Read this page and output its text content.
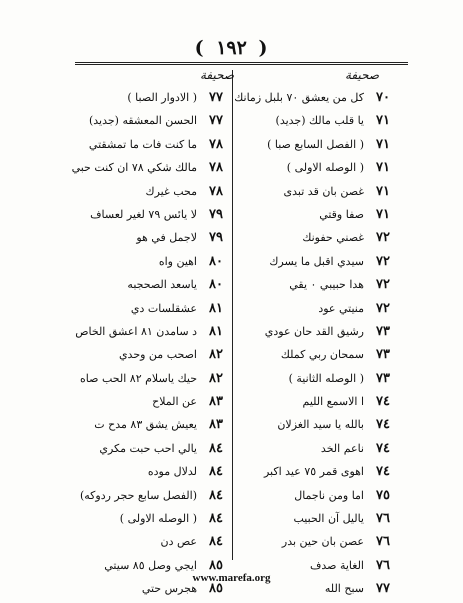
( ١٩٢ )
صحيفة
صحيفة
٧٠
كل من يعشق ٧٠ بلبل زمانك
٧١
يا قلب مالك (جديد)
٧١
( الفصل السابع صبا )
٧١
( الوصله الاولى )
٧١
غصن بان قد تبدى
٧١
صفا وقتي
٧٢
غصني حفونك
٧٢
سيدي اقبل ما يسرك
٧٢
هدا حبيبي ٠ يقي
٧٢
منيتي عود
٧٣
رشيق القد حان عودي
٧٣
سمحان ربي كملك
٧٣
( الوصله الثانية )
٧٤
ا الاسمع الليم
٧٤
بالله يا سيد الغزلان
٧٤
ناعم الخد
٧٤
اهوى قمر ٧٥ عيد اكبر
٧٥
اما ومن ناجمال
٧٦
ياليل آن الحبيب
٧٦
عصن بان حين بدر
٧٦
الغاية صدف
٧٧
سبح الله
٧٧
( الادوار الصبا )
٧٧
الحسن المعشقه (جديد)
٧٨
ما كنت فات ما تمشقتي
٧٨
مالك شكي ٧٨ ان كنت حبي
٧٨
محب غيرك
٧٩
لا يائس ٧٩ لغير لعساف
٧٩
لاجمل في هو
٨٠
اهين واه
٨٠
ياسعد الصحجبه
٨١
عشقلسات دي
٨١
د سامدن ٨١ اعشق الخاص
٨٢
اصحب من وحدي
٨٢
حيك ياسلام ٨٢ الحب صاه
٨٣
عن الملاح
٨٣
يعيش يشق ٨٣ مدح ت
٨٤
يالي احب حبت مكري
٨٤
لدلال موده
٨٤
(الفصل سابع حجر ردوكه)
٨٤
( الوصله الاولى )
٨٤
عص دن
٨٥
ايجي وصل ٨٥ سيتي
٨٥
هجرس حتي
www.marefa.org
